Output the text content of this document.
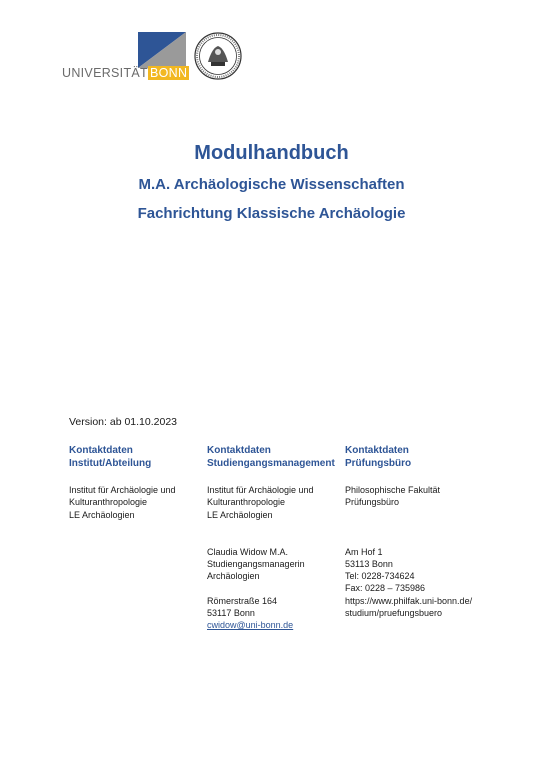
UNIVERSITÄT BONN
Modulhandbuch
M.A. Archäologische Wissenschaften
Fachrichtung Klassische Archäologie
Version: ab 01.10.2023
Kontaktdaten
Institut/Abteilung
Institut für Archäologie und
Kulturanthropologie
LE Archäologien
Kontaktdaten
Studiengangsmanagement
Institut für Archäologie und
Kulturanthropologie
LE Archäologien
Claudia Widow M.A.
Studiengangsmanagerin
Archäologien
Römerstraße 164
53117 Bonn
cwidow@uni-bonn.de
Kontaktdaten
Prüfungsbüro
Philosophische Fakultät
Prüfungsbüro
Am Hof 1
53113 Bonn
Tel: 0228-734624
Fax: 0228 – 735986
https://www.philfak.uni-bonn.de/
studium/pruefungsbuero
